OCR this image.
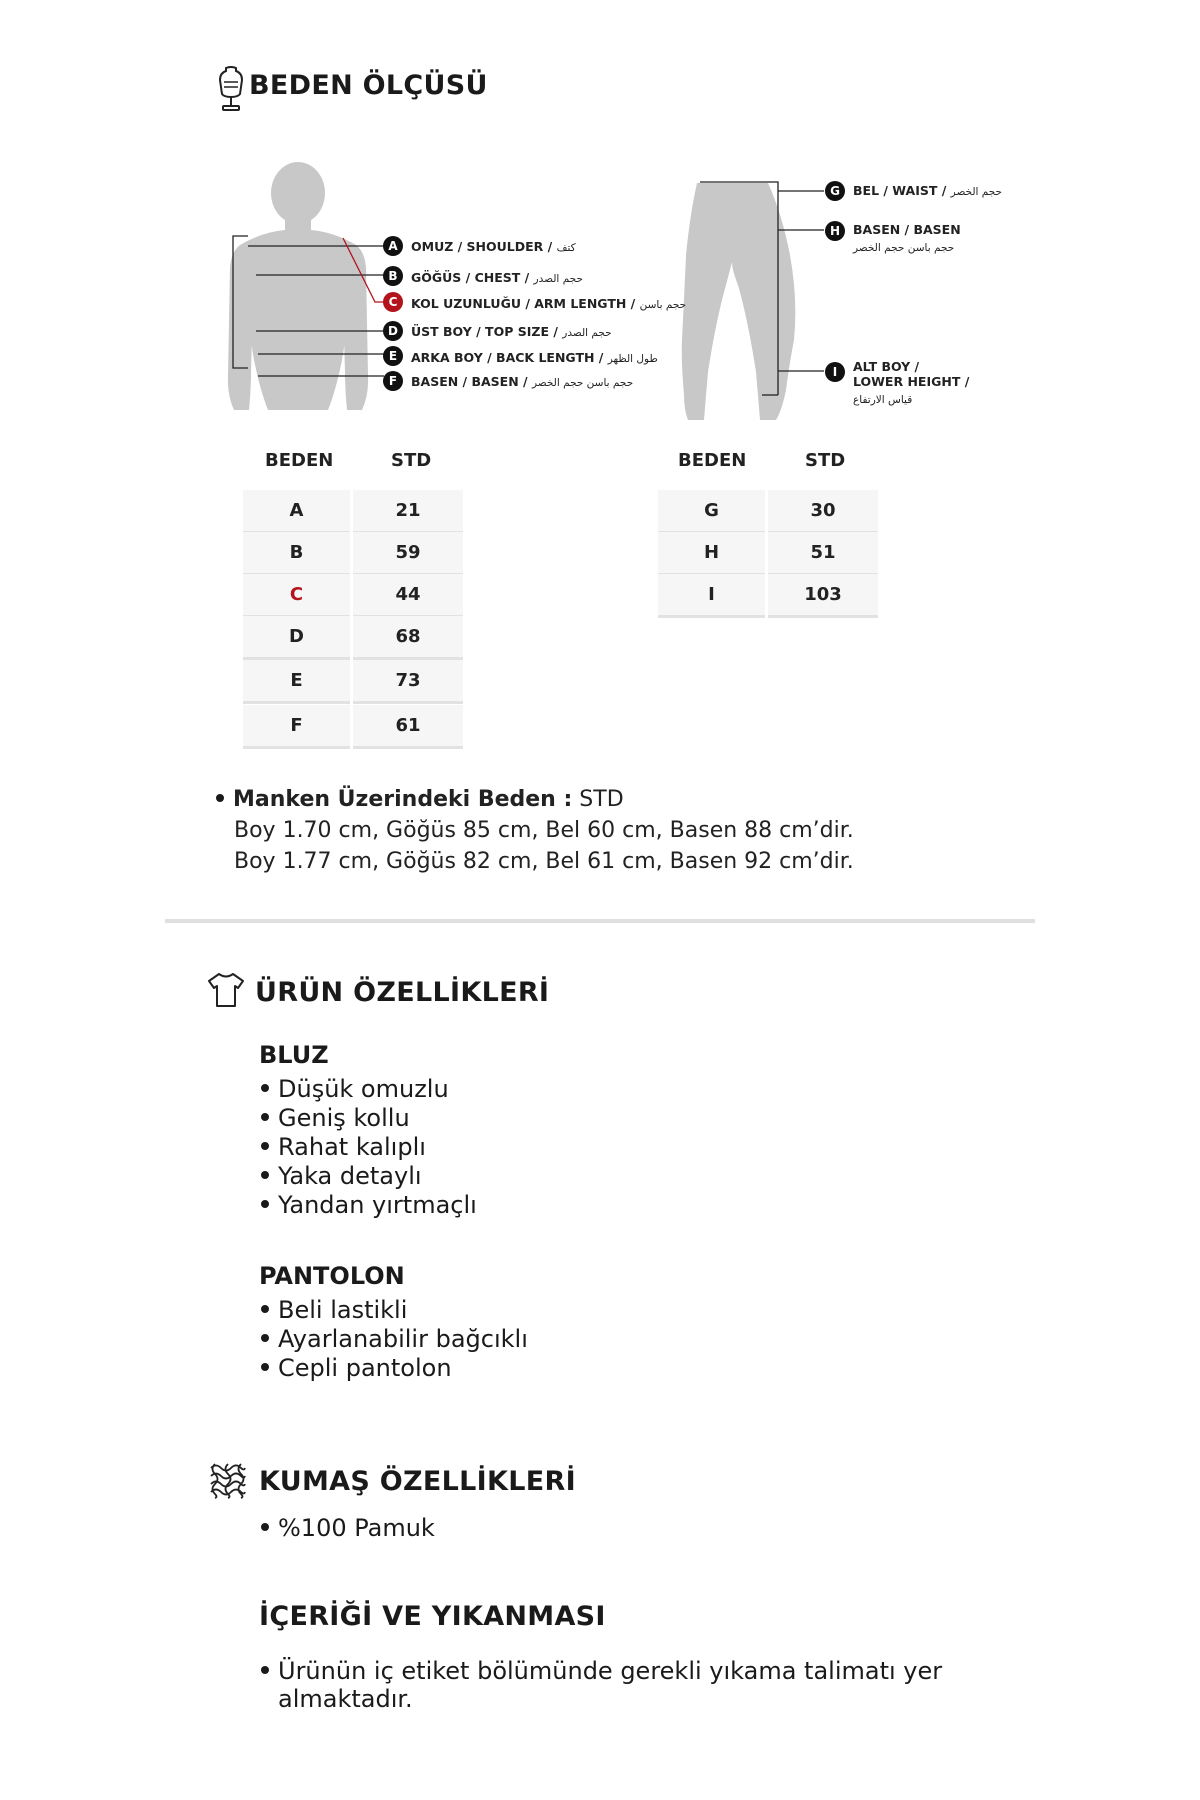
BEDEN ÖLÇÜSÜ
A	OMUZ / SHOULDER / كتف
B	GÖĞÜS / CHEST / حجم الصدر
C	KOL UZUNLUĞU / ARM LENGTH / حجم باسن
D	ÜST BOY / TOP SIZE / حجم الصدر
E	ARKA BOY / BACK LENGTH / طول الظهر
F	BASEN / BASEN / حجم باسن حجم الخصر
G	BEL / WAIST / حجم الخصر
H	BASEN / BASEN
حجم باسن حجم الخصر
I	ALT BOY /
LOWER HEIGHT /
قياس الارتفاع
BEDEN	STD
A	21
B	59
C	44
D	68
E	73
F	61
BEDEN	STD
G	30
H	51
I	103
Manken Üzerindeki Beden : STD
Boy 1.70 cm, Göğüs 85 cm, Bel 60 cm, Basen 88 cm’dir.
Boy 1.77 cm, Göğüs 82 cm, Bel 61 cm, Basen 92 cm’dir.
ÜRÜN ÖZELLİKLERİ
BLUZ
Düşük omuzlu
Geniş kollu
Rahat kalıplı
Yaka detaylı
Yandan yırtmaçlı
PANTOLON
Beli lastikli
Ayarlanabilir bağcıklı
Cepli pantolon
KUMAŞ ÖZELLİKLERİ
%100 Pamuk
İÇERİĞİ VE YIKANMASI
Ürünün iç etiket bölümünde gerekli yıkama talimatı yer
almaktadır.
